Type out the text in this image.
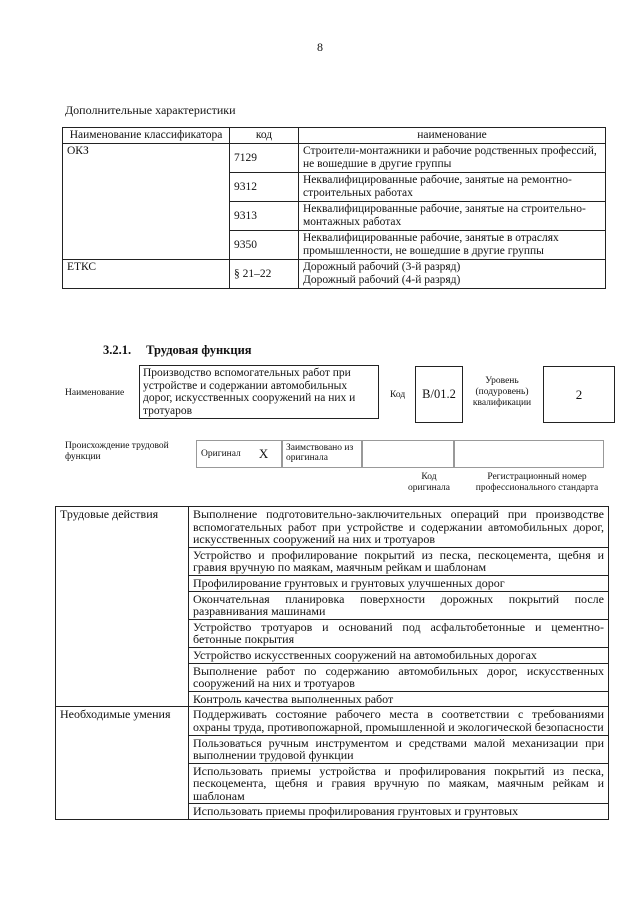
8
Дополнительные характеристики
Наименование классификатора	код	наименование
ОКЗ	7129	Строители-монтажники и рабочие родственных профессий, не вошедшие в другие группы
	9312	Неквалифицированные рабочие, занятые на ремонтно-строительных работах
	9313	Неквалифицированные рабочие, занятые на строительно-монтажных работах
	9350	Неквалифицированные рабочие, занятые в отраслях промышленности, не вошедшие в другие группы
ЕТКС	§ 21–22	Дорожный рабочий (3-й разряд)
Дорожный рабочий (4-й разряд)
3.2.1. Трудовая функция
Наименование
Производство вспомогательных работ при устройстве и содержании автомобильных дорог, искусственных сооружений на них и тротуаров
Код	B/01.2
Уровень (подуровень) квалификации
2
Происхождение трудовой функции	Оригинал Х	Заимствовано из оригинала
Код оригинала
Регистрационный номер профессионального стандарта
Трудовые действия	Выполнение подготовительно-заключительных операций при производстве вспомогательных работ при устройстве и содержании автомобильных дорог, искусственных сооружений на них и тротуаров
	Устройство и профилирование покрытий из песка, пескоцемента, щебня и гравия вручную по маякам, маячным рейкам и шаблонам
	Профилирование грунтовых и грунтовых улучшенных дорог
	Окончательная планировка поверхности дорожных покрытий после разравнивания машинами
	Устройство тротуаров и оснований под асфальтобетонные и цементно-бетонные покрытия
	Устройство искусственных сооружений на автомобильных дорогах
	Выполнение работ по содержанию автомобильных дорог, искусственных сооружений на них и тротуаров
	Контроль качества выполненных работ
Необходимые умения	Поддерживать состояние рабочего места в соответствии с требованиями охраны труда, противопожарной, промышленной и экологической безопасности
	Пользоваться ручным инструментом и средствами малой механизации при выполнении трудовой функции
	Использовать приемы устройства и профилирования покрытий из песка, пескоцемента, щебня и гравия вручную по маякам, маячным рейкам и шаблонам
	Использовать приемы профилирования грунтовых и грунтовых
